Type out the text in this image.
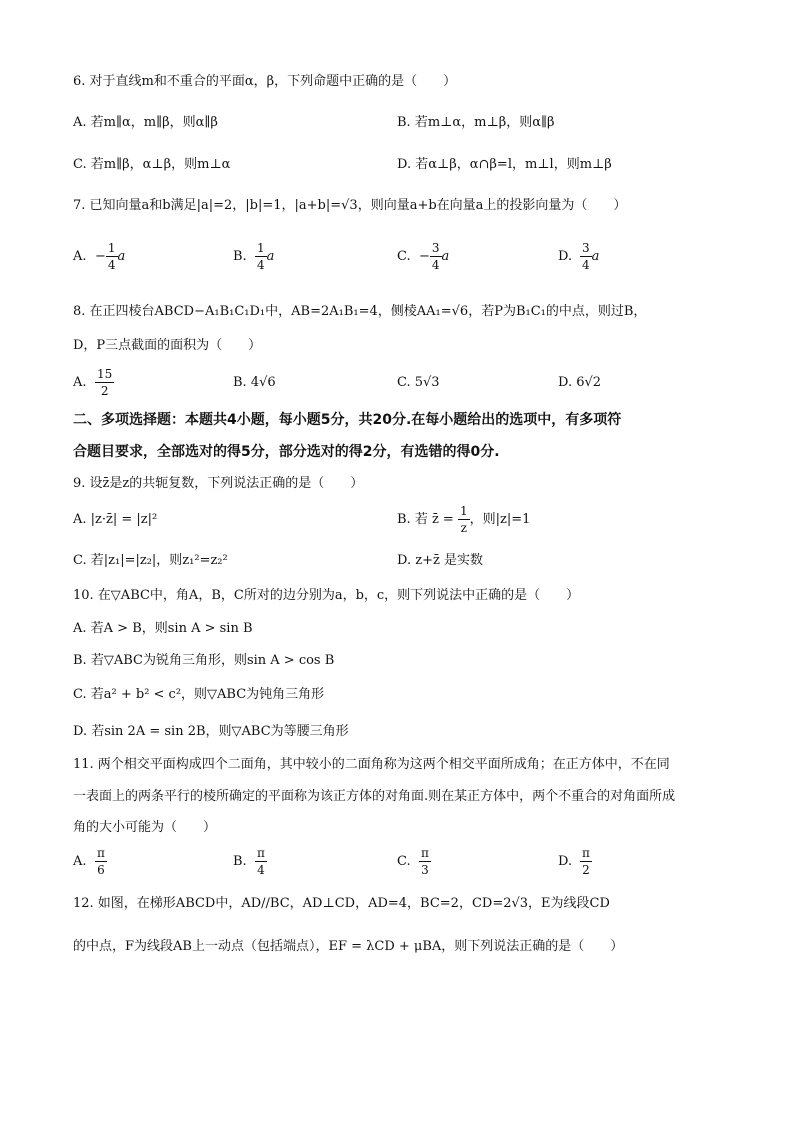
6. 对于直线m和不重合的平面α，β，下列命题中正确的是（　　）
A. 若m∥α，m∥β，则α∥β	B. 若m⊥α，m⊥β，则α∥β
C. 若m∥β，α⊥β，则m⊥α	D. 若α⊥β，α∩β=l，m⊥l，则m⊥β
7. 已知向量a和b满足|a|=2，|b|=1，|a+b|=√3，则向量a+b在向量a上的投影向量为（　　）
A. − $\frac{1}{4}$ a	B. $\frac{1}{4}$ a	C. − $\frac{3}{4}$ a	D. $\frac{3}{4}$ a
8. 在正四棱台ABCD−A₁B₁C₁D₁中，AB=2A₁B₁=4，侧棱AA₁=√6，若P为B₁C₁的中点，则过B，
D，P三点截面的面积为（　　）
A. $\frac{15}{2}$	B. 4√6	C. 5√3	D. 6√2
二、多项选择题：本题共4小题，每小题5分，共20分.在每小题给出的选项中，有多项符
合题目要求，全部选对的得5分，部分选对的得2分，有选错的得0分.
9. 设z̄是z的共轭复数，下列说法正确的是（　　）
A. |z·z̄| = |z|²	B. 若 z̄ = $\frac{1}{z}$ ，则|z|=1
C. 若|z₁|=|z₂|，则z₁²=z₂²	D. z+z̄ 是实数
10. 在▽ABC中，角A，B，C所对的边分别为a，b，c，则下列说法中正确的是（　　）
A. 若A > B，则sin A > sin B
B. 若▽ABC为锐角三角形，则sin A > cos B
C. 若a² + b² < c²，则▽ABC为钝角三角形
D. 若sin 2A = sin 2B，则▽ABC为等腰三角形
11. 两个相交平面构成四个二面角，其中较小的二面角称为这两个相交平面所成角；在正方体中，不在同
一表面上的两条平行的棱所确定的平面称为该正方体的对角面.则在某正方体中，两个不重合的对角面所成
角的大小可能为（　　）
A. $\frac{\pi}{6}$	B. $\frac{\pi}{4}$	C. $\frac{\pi}{3}$	D. $\frac{\pi}{2}$
12. 如图，在梯形ABCD中，AD//BC，AD⊥CD，AD=4，BC=2，CD=2√3，E为线段CD
的中点，F为线段AB上一动点（包括端点），EF = λCD + μBA，则下列说法正确的是（　　）
